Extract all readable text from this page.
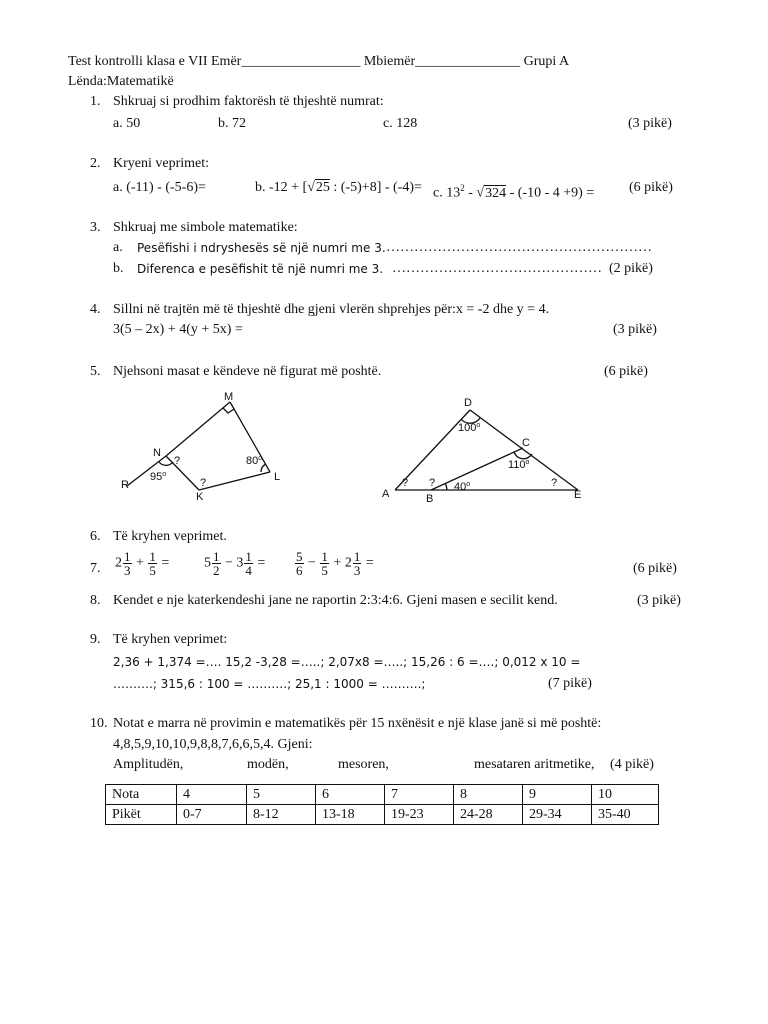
Test kontrolli klasa e VII Emër_________________ Mbiemër_______________ Grupi A
Lënda:Matematikë
1. Shkruaj si prodhim faktorësh të thjeshtë numrat:
a. 50	b. 72	c. 128	(3 pikë)
2. Kryeni veprimet:
a. (-11) - (-5-6)=	b. -12 + [√25 : (-5)+8] - (-4)= c. $13^2 - √324 - (-10 - 4 +9) = (6$ pikë)
3. Shkruaj me simbole matematike:
a. Pesëfishi i ndryshesës së një numri me 3. …………………………………………………
b. Diferenca e pesëfishit të një numri me 3. ……………………………………… (2 pikë)
4. Sillni në trajtën më të thjeshtë dhe gjeni vlerën shprehjes për:x = -2 dhe y = 4.
3(5 – 2x) + 4(y + 5x) =	(3 pikë)
5. Njehsoni masat e këndeve në figurat më poshtë.	(6 pikë)
M
N
R
K
L
?
?
95$^o$
80$^o$
D
C
A	B	E
100$^o$
110$^o$
40$^o$
? ?	?
6. Të kryhen veprimet.
7. $2 \frac{1}{3} + \frac{1}{5} = 5 \frac{1}{2} - 3 \frac{1}{4} = \frac{5}{6} - \frac{1}{5} + 2 \frac{1}{3}$ =	(6 pikë)
8. Kendet e nje katerkendeshi jane ne raportin 2:3:4:6. Gjeni masen e secilit kend.	(3 pikë)
9. Të kryhen veprimet:
2,36 + 1,374 =…. 15,2 -3,28 =…..; 2,07x8 =…..; 15,26 : 6 =….; 0,012 x 10 =
……….; 315,6 : 100 = ……….; 25,1 : 1000 = ……….;	(7 pikë)
10. Notat e marra në provimin e matematikës për 15 nxënësit e një klase janë si më poshtë:
4,8,5,9,10,10,9,8,8,7,6,6,5,4. Gjeni:
Amplitudën,	modën,	mesoren,	mesataren aritmetike, (4 pikë)
Nota	4	5	6	7	8	9	10
Pikët	0-7	8-12	13-18	19-23	24-28	29-34	35-40
